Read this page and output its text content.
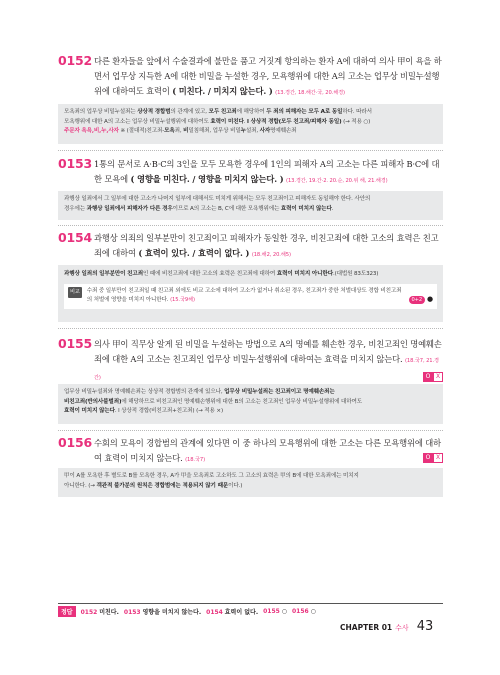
0152 다른 환자들을 앞에서 수술결과에 불만을 품고 거짓계 항의하는 환자 A에 대하여 의사 甲이 욕을 하면서 업무상 지득한 A에 대한 비밀을 누설한 경우, 모욕행위에 대한 A의 고소는 업무상 비밀누설행위에 대하여도 효력이 ( 미친다. / 미치지 않는다. ) (13.경간, 18.해간·국, 20.해경)
모욕죄의 업무상 비밀누설죄는 상상적 경합범의 관계에 있고, 모두 친고죄에 해당하여 두 죄의 피해자는 모두 A로 동일하다. 따라서
모욕행위에 대한 A의 고소는 업무상 비밀누설행위에 대하여도 효력이 미친다. l 상상적 경합(모두 친고죄/피해자 동일) (→ 적용 ○)
주문자 욕욕,비,누,사자 ※ (절대적)친고죄-모욕죄, 비밀침해죄, 업무상 비밀누설죄, 사자명예훼손죄
0153 1통의 문서로 A·B·C의 3인을 모두 모욕한 경우에 1인의 피해자 A의 고소는 다른 피해자 B·C에 대한 모욕에 ( 영향을 미친다. / 영향을 미치지 않는다. ) (13.경간, 19.간·2. 20.순, 20.위 해, 21.해경)
과행상 일죄에서 그 일부에 대한 고소가 나머지 일부에 대해서도 미치게 위해서는 모두 친고죄이고 피해자도 동일해야 한다. 사안의
경우에는 과행상 일죄에서 피해자가 다른 경우이므로 A의 고소는 B, C에 대한 모욕행위에는 효력이 미치지 않는다.
0154 과행상 의죄의 일부분만이 친고죄이고 피해자가 동일한 경우, 비친고죄에 대한 고소의 효력은 친고죄에 대하여 ( 효력이 있다. / 효력이 없다. ) (18.해2, 20.해5)
과행상 일죄의 일부분만이 친고죄인 때에 비친고죄에 대한 고소의 효력은 친고죄에 대하여 효력이 미치지 아니한다.(대법원 83도323)
비교	수죄 중 일부만이 친고죄일 때 친고죄 외에도 비교 고소에 대하여 고소가 없거나 취소된 경우, 친고죄가 중한 처벌대상도 경합 비친고죄의 처벌에 영향을 미치지 아니한다. (15.국9해)	0+2 ●
0155 의사 甲이 직무상 알게 된 비밀을 누설하는 방법으로 A의 명예를 훼손한 경우, 비친고죄인 명예훼손죄에 대한 A의 고소는 친고죄인 업무상 비밀누설행위에 대하여는 효력을 미치지 않는다. (18.국7, 21.경간)	O X
업무상 비밀누설죄와 명예훼손죄는 상상적 경합범의 관계에 있으나, 업무상 비밀누설죄는 친고죄이고 명예훼손죄는
비친고죄(반의사불벌죄)에 해당하므로 비친고죄인 명예훼손행위에 대한 B의 고소는 친고죄인 업무상 비밀누설행위에 대하여도
효력이 미치지 않는다. l 상상적 경합(비친고죄+친고죄) (→ 적용 ×)
0156 수회의 모욕이 경합범의 관계에 있다면 이 중 하나의 모욕행위에 대한 고소는 다른 모욕행위에 대하여 효력이 미치지 않는다. (18.국7)	O X
甲이 A를 모욕한 후 별도로 B를 모욕한 경우, A가 甲을 모욕죄로 고소하도 그 고소의 효력은 甲의 B에 대한 모욕죄에는 미치지
아니한다. (→ 객관적 불가분의 원칙은 경합범에는 적용되지 않기 때문이다.)
정답	0152 미친다. 0153 영향을 미치지 않는다. 0154 효력이 없다. 0155 ○ 0156 ○
CHAPTER 01 수사 43
